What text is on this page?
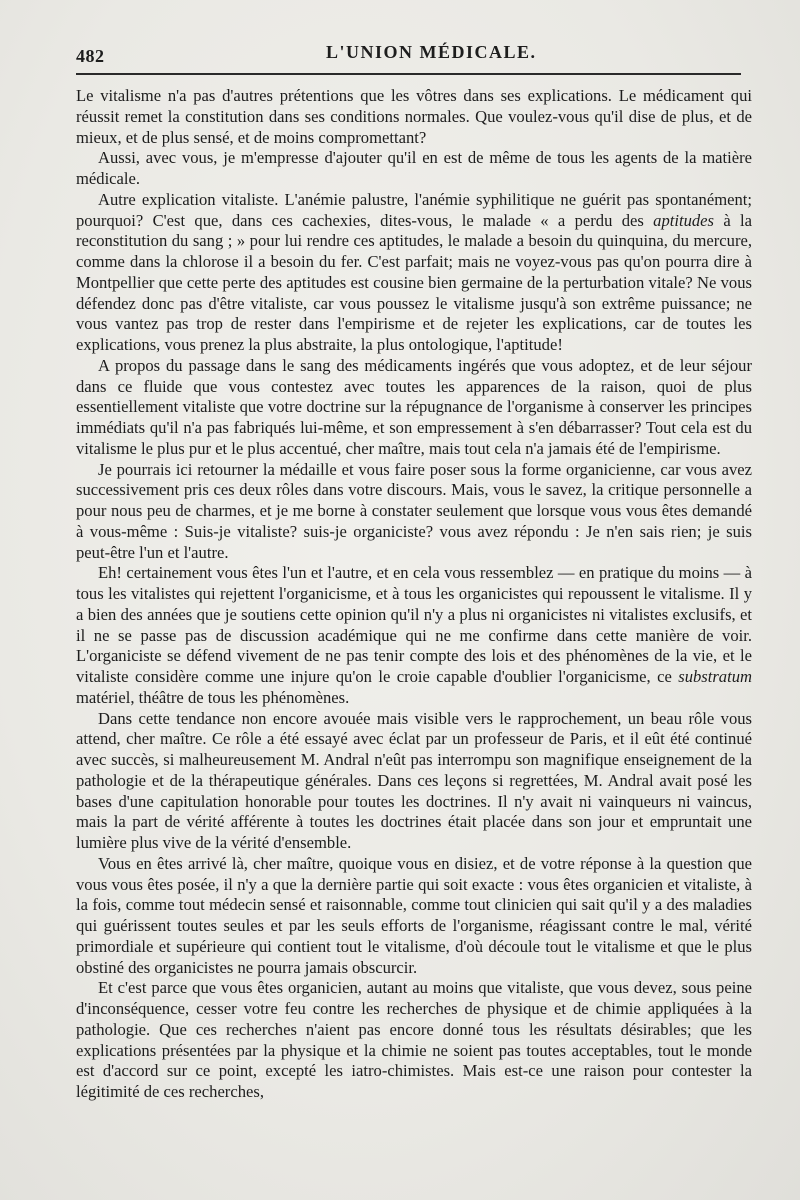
482	L'UNION MÉDICALE.

Le vitalisme n'a pas d'autres prétentions que les vôtres dans ses explications. Le médicament qui réussit remet la constitution dans ses conditions normales. Que voulez-vous qu'il dise de plus, et de mieux, et de plus sensé, et de moins compromettant?

Aussi, avec vous, je m'empresse d'ajouter qu'il en est de même de tous les agents de la matière médicale.

Autre explication vitaliste. L'anémie palustre, l'anémie syphilitique ne guérit pas spontanément; pourquoi? C'est que, dans ces cachexies, dites-vous, le malade « a perdu des aptitudes à la reconstitution du sang ; » pour lui rendre ces aptitudes, le malade a besoin du quinquina, du mercure, comme dans la chlorose il a besoin du fer. C'est parfait; mais ne voyez-vous pas qu'on pourra dire à Montpellier que cette perte des aptitudes est cousine bien germaine de la perturbation vitale? Ne vous défendez donc pas d'être vitaliste, car vous poussez le vitalisme jusqu'à son extrême puissance; ne vous vantez pas trop de rester dans l'empirisme et de rejeter les explications, car de toutes les explications, vous prenez la plus abstraite, la plus ontologique, l'aptitude!

A propos du passage dans le sang des médicaments ingérés que vous adoptez, et de leur séjour dans ce fluide que vous contestez avec toutes les apparences de la raison, quoi de plus essentiellement vitaliste que votre doctrine sur la répugnance de l'organisme à conserver les principes immédiats qu'il n'a pas fabriqués lui-même, et son empressement à s'en débarrasser? Tout cela est du vitalisme le plus pur et le plus accentué, cher maître, mais tout cela n'a jamais été de l'empirisme.

Je pourrais ici retourner la médaille et vous faire poser sous la forme organicienne, car vous avez successivement pris ces deux rôles dans votre discours. Mais, vous le savez, la critique personnelle a pour nous peu de charmes, et je me borne à constater seulement que lorsque vous vous êtes demandé à vous-même : Suis-je vitaliste? suis-je organiciste? vous avez répondu : Je n'en sais rien; je suis peut-être l'un et l'autre.

Eh! certainement vous êtes l'un et l'autre, et en cela vous ressemblez — en pratique du moins — à tous les vitalistes qui rejettent l'organicisme, et à tous les organicistes qui repoussent le vitalisme. Il y a bien des années que je soutiens cette opinion qu'il n'y a plus ni organicistes ni vitalistes exclusifs, et il ne se passe pas de discussion académique qui ne me confirme dans cette manière de voir. L'organiciste se défend vivement de ne pas tenir compte des lois et des phénomènes de la vie, et le vitaliste considère comme une injure qu'on le croie capable d'oublier l'organicisme, ce substratum matériel, théâtre de tous les phénomènes.

Dans cette tendance non encore avouée mais visible vers le rapprochement, un beau rôle vous attend, cher maître. Ce rôle a été essayé avec éclat par un professeur de Paris, et il eût été continué avec succès, si malheureusement M. Andral n'eût pas interrompu son magnifique enseignement de la pathologie et de la thérapeutique générales. Dans ces leçons si regrettées, M. Andral avait posé les bases d'une capitulation honorable pour toutes les doctrines. Il n'y avait ni vainqueurs ni vaincus, mais la part de vérité afférente à toutes les doctrines était placée dans son jour et empruntait une lumière plus vive de la vérité d'ensemble.

Vous en êtes arrivé là, cher maître, quoique vous en disiez, et de votre réponse à la question que vous vous êtes posée, il n'y a que la dernière partie qui soit exacte : vous êtes organicien et vitaliste, à la fois, comme tout médecin sensé et raisonnable, comme tout clinicien qui sait qu'il y a des maladies qui guérissent toutes seules et par les seuls efforts de l'organisme, réagissant contre le mal, vérité primordiale et supérieure qui contient tout le vitalisme, d'où découle tout le vitalisme et que le plus obstiné des organicistes ne pourra jamais obscurcir.

Et c'est parce que vous êtes organicien, autant au moins que vitaliste, que vous devez, sous peine d'inconséquence, cesser votre feu contre les recherches de physique et de chimie appliquées à la pathologie. Que ces recherches n'aient pas encore donné tous les résultats désirables; que les explications présentées par la physique et la chimie ne soient pas toutes acceptables, tout le monde est d'accord sur ce point, excepté les iatro-chimistes. Mais est-ce une raison pour contester la légitimité de ces recherches,
